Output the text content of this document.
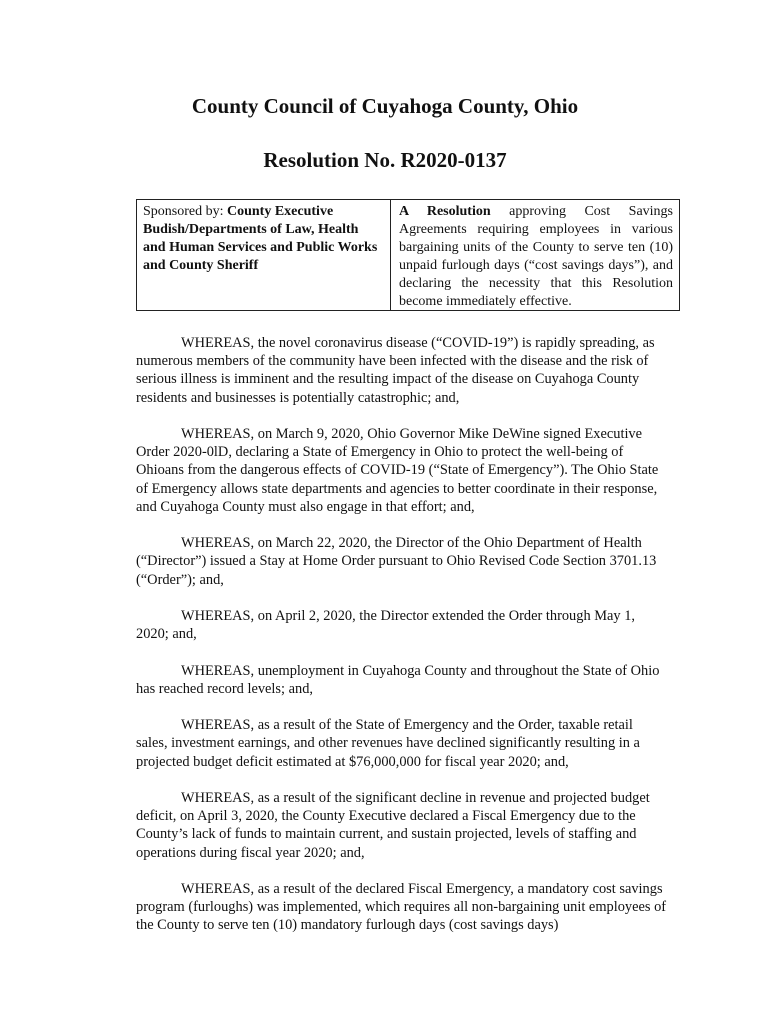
County Council of Cuyahoga County, Ohio
Resolution No. R2020-0137
Sponsored by: County Executive Budish/Departments of Law, Health and Human Services and Public Works and County Sheriff
A Resolution approving Cost Savings Agreements requiring employees in various bargaining units of the County to serve ten (10) unpaid furlough days (“cost savings days”), and declaring the necessity that this Resolution become immediately effective.

WHEREAS, the novel coronavirus disease (“COVID-19”) is rapidly spreading, as numerous members of the community have been infected with the disease and the risk of serious illness is imminent and the resulting impact of the disease on Cuyahoga County residents and businesses is potentially catastrophic; and,

WHEREAS, on March 9, 2020, Ohio Governor Mike DeWine signed Executive Order 2020-0lD, declaring a State of Emergency in Ohio to protect the well-being of Ohioans from the dangerous effects of COVID-19 (“State of Emergency”). The Ohio State of Emergency allows state departments and agencies to better coordinate in their response, and Cuyahoga County must also engage in that effort; and,

WHEREAS, on March 22, 2020, the Director of the Ohio Department of Health (“Director”) issued a Stay at Home Order pursuant to Ohio Revised Code Section 3701.13 (“Order”); and,

WHEREAS, on April 2, 2020, the Director extended the Order through May 1, 2020; and,

WHEREAS, unemployment in Cuyahoga County and throughout the State of Ohio has reached record levels; and,

WHEREAS, as a result of the State of Emergency and the Order, taxable retail sales, investment earnings, and other revenues have declined significantly resulting in a projected budget deficit estimated at $76,000,000 for fiscal year 2020; and,

WHEREAS, as a result of the significant decline in revenue and projected budget deficit, on April 3, 2020, the County Executive declared a Fiscal Emergency due to the County’s lack of funds to maintain current, and sustain projected, levels of staffing and operations during fiscal year 2020; and,

WHEREAS, as a result of the declared Fiscal Emergency, a mandatory cost savings program (furloughs) was implemented, which requires all non-bargaining unit employees of the County to serve ten (10) mandatory furlough days (cost savings days)
